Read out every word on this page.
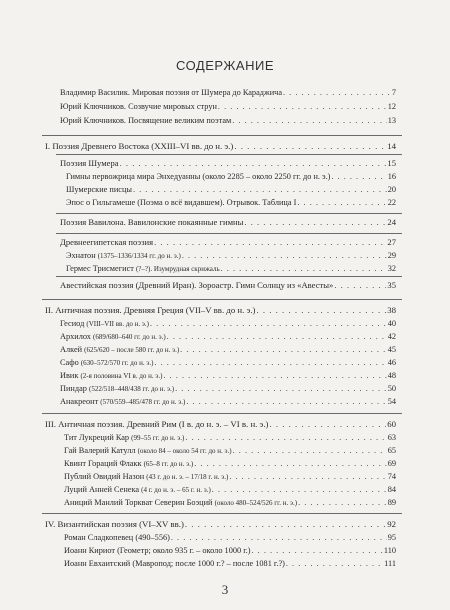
СОДЕРЖАНИЕ
Владимир Василик. Мировая поэзия от Шумера до Караджича . . .	7
Юрий Ключников. Созвучие мировых струн . . .	12
Юрий Ключников. Посвящение великим поэтам . . .	13
I. Поэзия Древнего Востока (XXIII–VI вв. до н. э.) . . .	14
Поэзия Шумера . . .	15
Гимны первожрица мира Энхедуанны (около 2285 – около 2250 гг. до н. э.) . . .	16
Шумерские писцы . . .	20
Эпос о Гильгамеше (Поэма о всё видавшем). Отрывок. Таблица I . . .	22
Поэзия Вавилона. Вавилонские покаянные гимны . . .	24
Древнеегипетская поэзия . . .	27
Эхнатон (1375–1336/1334 гг. до н. э.) . . .	29
Гермес Трисмегист (?–?). Изумрудная скрижаль . . .	32
Авестийская поэзия (Древний Иран). Зороастр. Гимн Солнцу из «Авесты» . . .	35
II. Античная поэзия. Древняя Греция (VII–V вв. до н. э.) . . .	38
Гесиод (VIII–VII вв. до н. э.) . . .	40
Архилох (689/680–640 гг. до н. э.) . . .	42
Алкей (625/620 – после 580 гг. до н. э.) . . .	45
Сафо (630–572/570 гг. до н. э.) . . .	46
Ивик (2-я половина VI в. до н. э.) . . .	48
Пиндар (522/518–448/438 гг. до н. э.) . . .	50
Анакреонт (570/559–485/478 гг. до н. э.) . . .	54
III. Античная поэзия. Древний Рим (I в. до н. э. – VI в. н. э.) . . .	60
Тит Лукреций Кар (99–55 гг. до н. э.) . . .	63
Гай Валерий Катулл (около 84 – около 54 гг. до н. э.) . . .	65
Квинт Гораций Флакк (65–8 гг. до н. э.) . . .	69
Публий Овидий Назон (43 г. до н. э. – 17/18 г. н. э.) . . .	74
Луций Анней Сенека (4 г. до н. э. – 65 г. н. э.) . . .	84
Аниций Манлий Торкват Северин Боэций (около 480–524/526 гг. н. э.) . . .	89
IV. Византийская поэзия (VI–XV вв.) . . .	92
Роман Сладкопевец (490–556) . . .	95
Иоанн Кириот (Геометр; около 935 г. – около 1000 г.) . . .	110
Иоанн Евхаитский (Мавропод; после 1000 г.? – после 1081 г.?) . . .	111
3
